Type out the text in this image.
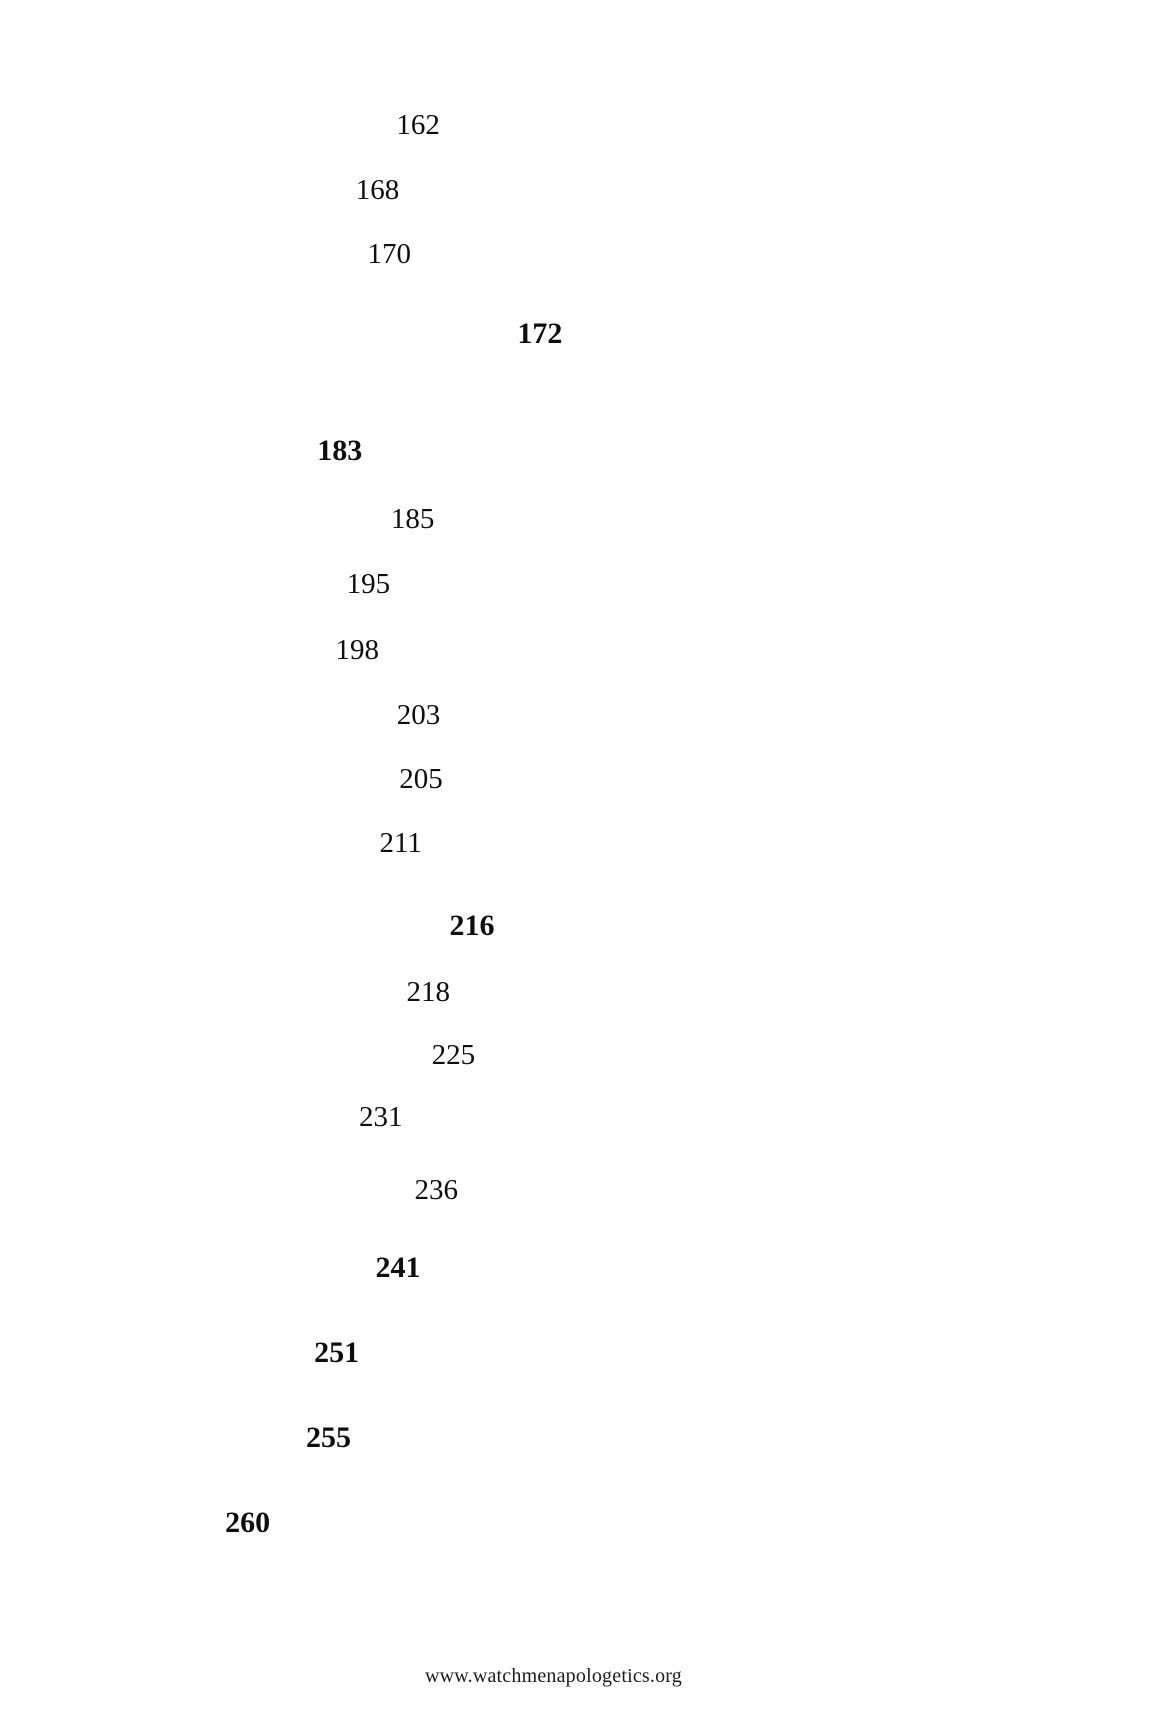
162
168
170
172
183
185
195
198
203
205
211
216
218
225
231
236
241
251
255
260
www.watchmenapologetics.org
